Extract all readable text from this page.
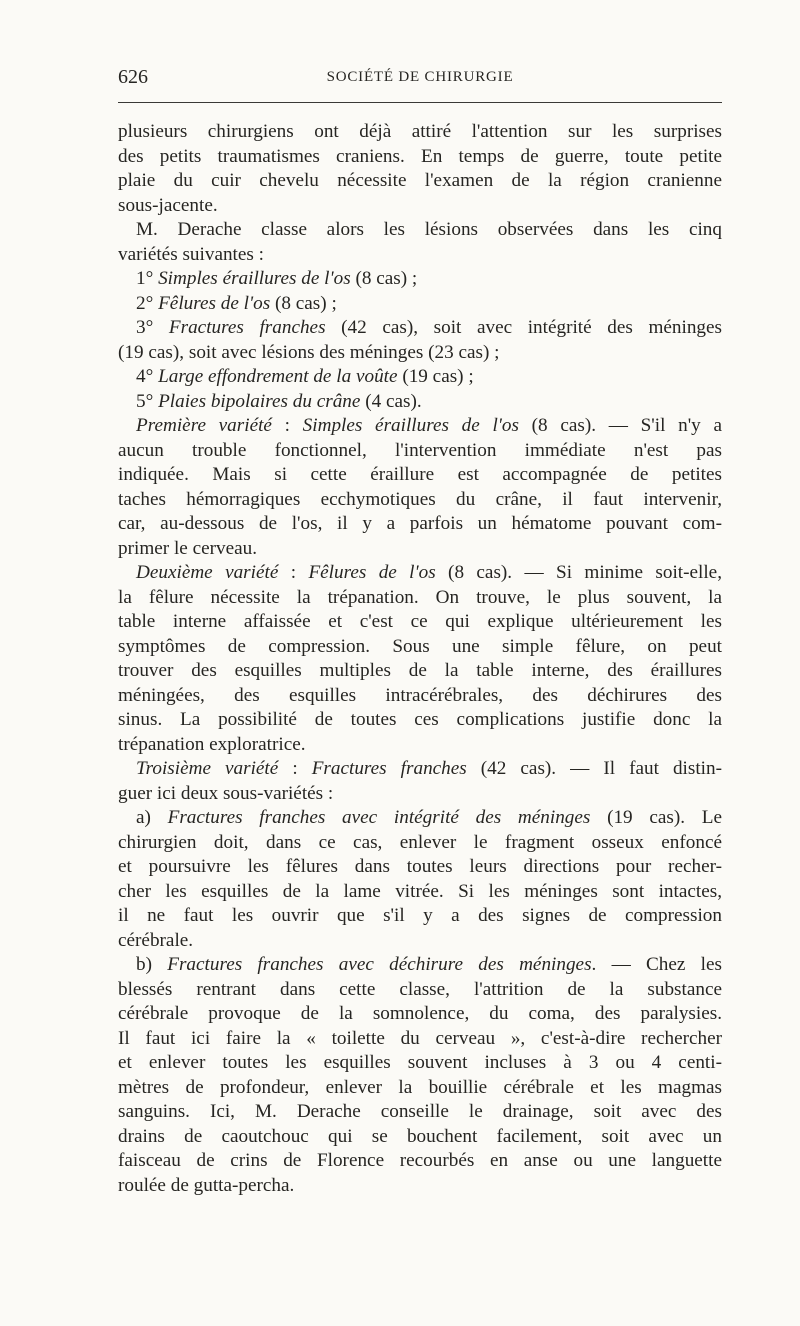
626	SOCIÉTÉ DE CHIRURGIE
plusieurs chirurgiens ont déjà attiré l'attention sur les surprises
des petits traumatismes craniens. En temps de guerre, toute petite
plaie du cuir chevelu nécessite l'examen de la région cranienne
sous-jacente.
M. Derache classe alors les lésions observées dans les cinq
variétés suivantes :
1° Simples éraillures de l'os (8 cas) ;
2° Fêlures de l'os (8 cas) ;
3° Fractures franches (42 cas), soit avec intégrité des méninges
(19 cas), soit avec lésions des méninges (23 cas) ;
4° Large effondrement de la voûte (19 cas) ;
5° Plaies bipolaires du crâne (4 cas).
Première variété : Simples éraillures de l'os (8 cas). — S'il n'y a
aucun trouble fonctionnel, l'intervention immédiate n'est pas
indiquée. Mais si cette éraillure est accompagnée de petites
taches hémorragiques ecchymotiques du crâne, il faut intervenir,
car, au-dessous de l'os, il y a parfois un hématome pouvant com-
primer le cerveau.
Deuxième variété : Fêlures de l'os (8 cas). — Si minime soit-elle,
la fêlure nécessite la trépanation. On trouve, le plus souvent, la
table interne affaissée et c'est ce qui explique ultérieurement les
symptômes de compression. Sous une simple fêlure, on peut
trouver des esquilles multiples de la table interne, des éraillures
méningées, des esquilles intracérébrales, des déchirures des
sinus. La possibilité de toutes ces complications justifie donc la
trépanation exploratrice.
Troisième variété : Fractures franches (42 cas). — Il faut distin-
guer ici deux sous-variétés :
a) Fractures franches avec intégrité des méninges (19 cas). Le
chirurgien doit, dans ce cas, enlever le fragment osseux enfoncé
et poursuivre les fêlures dans toutes leurs directions pour recher-
cher les esquilles de la lame vitrée. Si les méninges sont intactes,
il ne faut les ouvrir que s'il y a des signes de compression
cérébrale.
b) Fractures franches avec déchirure des méninges. — Chez les
blessés rentrant dans cette classe, l'attrition de la substance
cérébrale provoque de la somnolence, du coma, des paralysies.
Il faut ici faire la « toilette du cerveau », c'est-à-dire rechercher
et enlever toutes les esquilles souvent incluses à 3 ou 4 centi-
mètres de profondeur, enlever la bouillie cérébrale et les magmas
sanguins. Ici, M. Derache conseille le drainage, soit avec des
drains de caoutchouc qui se bouchent facilement, soit avec un
faisceau de crins de Florence recourbés en anse ou une languette
roulée de gutta-percha.
